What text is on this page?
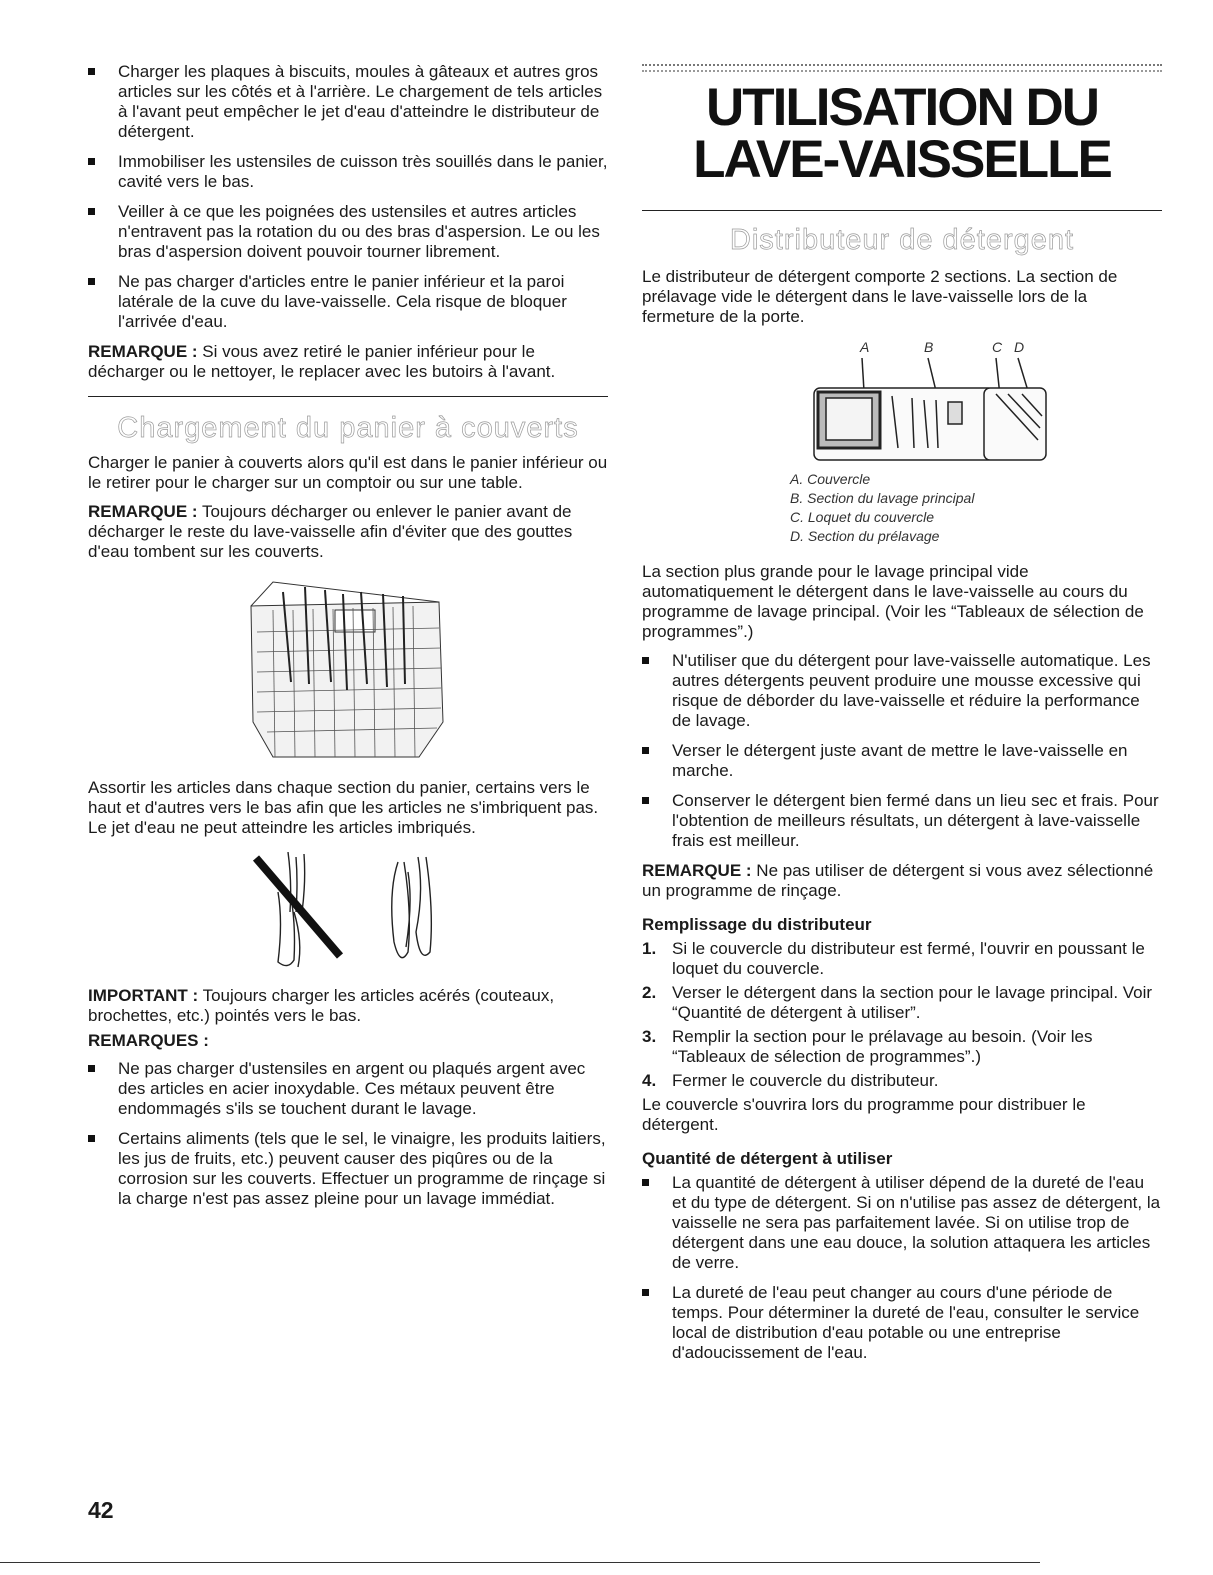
Charger les plaques à biscuits, moules à gâteaux et autres gros articles sur les côtés et à l'arrière. Le chargement de tels articles à l'avant peut empêcher le jet d'eau d'atteindre le distributeur de détergent.
Immobiliser les ustensiles de cuisson très souillés dans le panier, cavité vers le bas.
Veiller à ce que les poignées des ustensiles et autres articles n'entravent pas la rotation du ou des bras d'aspersion. Le ou les bras d'aspersion doivent pouvoir tourner librement.
Ne pas charger d'articles entre le panier inférieur et la paroi latérale de la cuve du lave-vaisselle. Cela risque de bloquer l'arrivée d'eau.

REMARQUE : Si vous avez retiré le panier inférieur pour le décharger ou le nettoyer, le replacer avec les butoirs à l'avant.

Chargement du panier à couverts

Charger le panier à couverts alors qu'il est dans le panier inférieur ou le retirer pour le charger sur un comptoir ou sur une table.

REMARQUE : Toujours décharger ou enlever le panier avant de décharger le reste du lave-vaisselle afin d'éviter que des gouttes d'eau tombent sur les couverts.

Assortir les articles dans chaque section du panier, certains vers le haut et d'autres vers le bas afin que les articles ne s'imbriquent pas. Le jet d'eau ne peut atteindre les articles imbriqués.

IMPORTANT : Toujours charger les articles acérés (couteaux, brochettes, etc.) pointés vers le bas.

REMARQUES :

Ne pas charger d'ustensiles en argent ou plaqués argent avec des articles en acier inoxydable. Ces métaux peuvent être endommagés s'ils se touchent durant le lavage.
Certains aliments (tels que le sel, le vinaigre, les produits laitiers, les jus de fruits, etc.) peuvent causer des piqûres ou de la corrosion sur les couverts. Effectuer un programme de rinçage si la charge n'est pas assez pleine pour un lavage immédiat.
UTILISATION DU
LAVE-VAISSELLE
Distributeur de détergent

Le distributeur de détergent comporte 2 sections. La section de prélavage vide le détergent dans le lave-vaisselle lors de la fermeture de la porte.

A	B	C D
A. Couvercle
B. Section du lavage principal
C. Loquet du couvercle
D. Section du prélavage

La section plus grande pour le lavage principal vide automatiquement le détergent dans le lave-vaisselle au cours du programme de lavage principal. (Voir les “Tableaux de sélection de programmes”.)

N'utiliser que du détergent pour lave-vaisselle automatique. Les autres détergents peuvent produire une mousse excessive qui risque de déborder du lave-vaisselle et réduire la performance de lavage.
Verser le détergent juste avant de mettre le lave-vaisselle en marche.
Conserver le détergent bien fermé dans un lieu sec et frais. Pour l'obtention de meilleurs résultats, un détergent à lave-vaisselle frais est meilleur.

REMARQUE : Ne pas utiliser de détergent si vous avez sélectionné un programme de rinçage.

Remplissage du distributeur
1. Si le couvercle du distributeur est fermé, l'ouvrir en poussant le loquet du couvercle.
2. Verser le détergent dans la section pour le lavage principal. Voir “Quantité de détergent à utiliser”.
3. Remplir la section pour le prélavage au besoin. (Voir les “Tableaux de sélection de programmes”.)
4. Fermer le couvercle du distributeur.

Le couvercle s'ouvrira lors du programme pour distribuer le détergent.

Quantité de détergent à utiliser
La quantité de détergent à utiliser dépend de la dureté de l'eau et du type de détergent. Si on n'utilise pas assez de détergent, la vaisselle ne sera pas parfaitement lavée. Si on utilise trop de détergent dans une eau douce, la solution attaquera les articles de verre.
La dureté de l'eau peut changer au cours d'une période de temps. Pour déterminer la dureté de l'eau, consulter le service local de distribution d'eau potable ou une entreprise d'adoucissement de l'eau.
42
